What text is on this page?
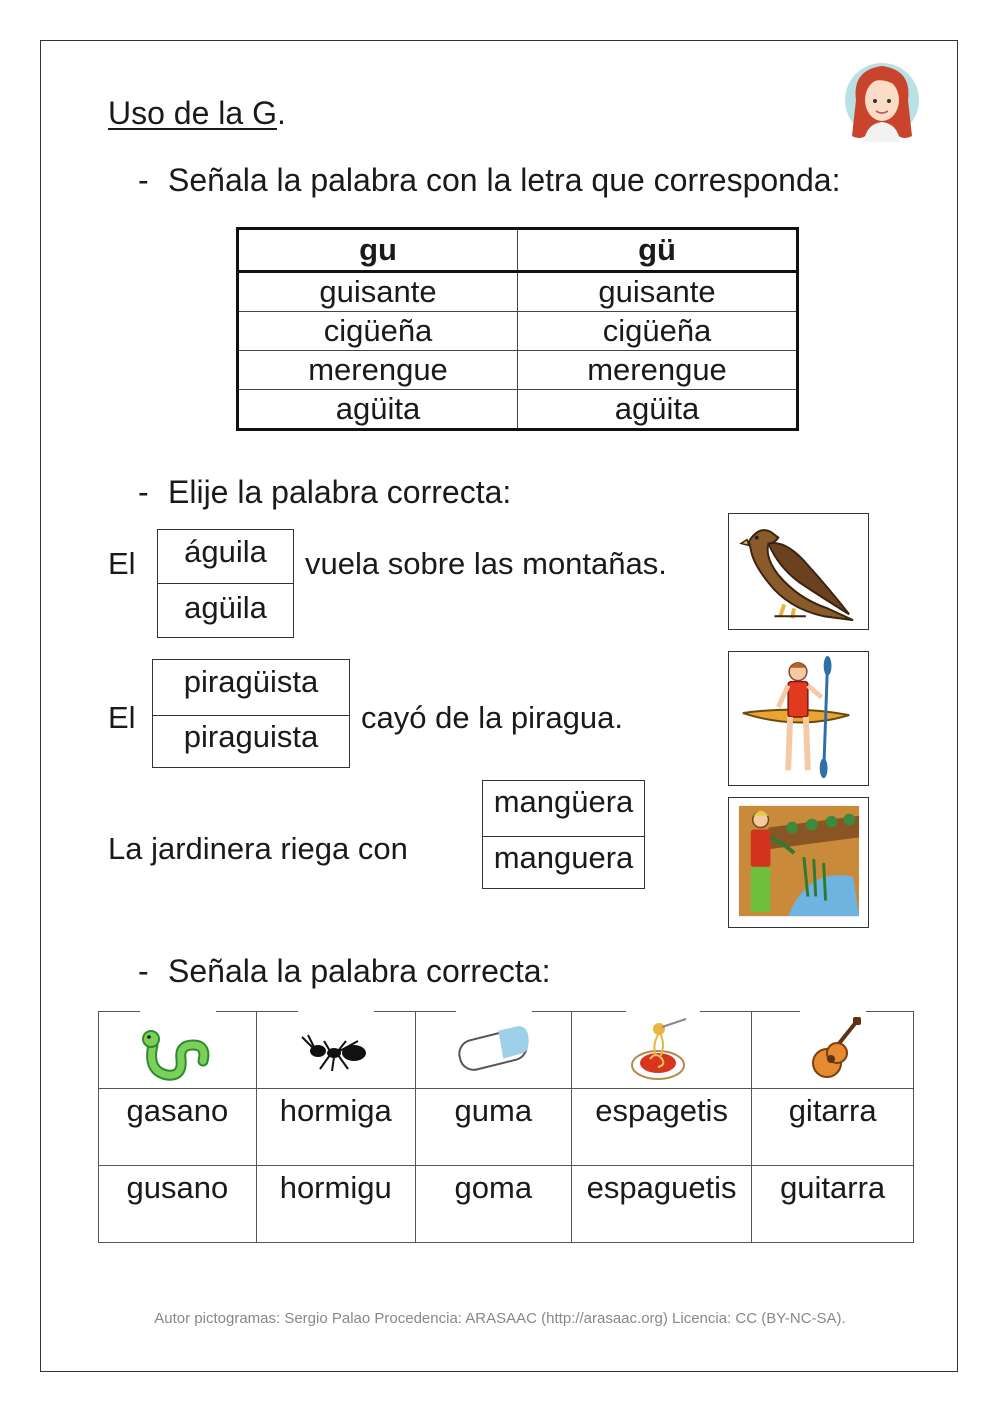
Uso de la G.
- Señala la palabra con la letra que corresponda:
gu	gü
guisante	guisante
cigüeña	cigüeña
merengue	merengue
agüita	agüita
- Elije la palabra correcta:
El	águila
agüila
vuela sobre las montañas.
El
piragüista
piraguista
cayó de la piragua.
La jardinera riega con
mangüera
manguera
- Señala la palabra correcta:

gasano	hormiga	guma	espagetis	gitarra
gusano	hormigu	goma	espaguetis	guitarra
Autor pictogramas: Sergio Palao Procedencia: ARASAAC (http://arasaac.org) Licencia: CC (BY-NC-SA).
